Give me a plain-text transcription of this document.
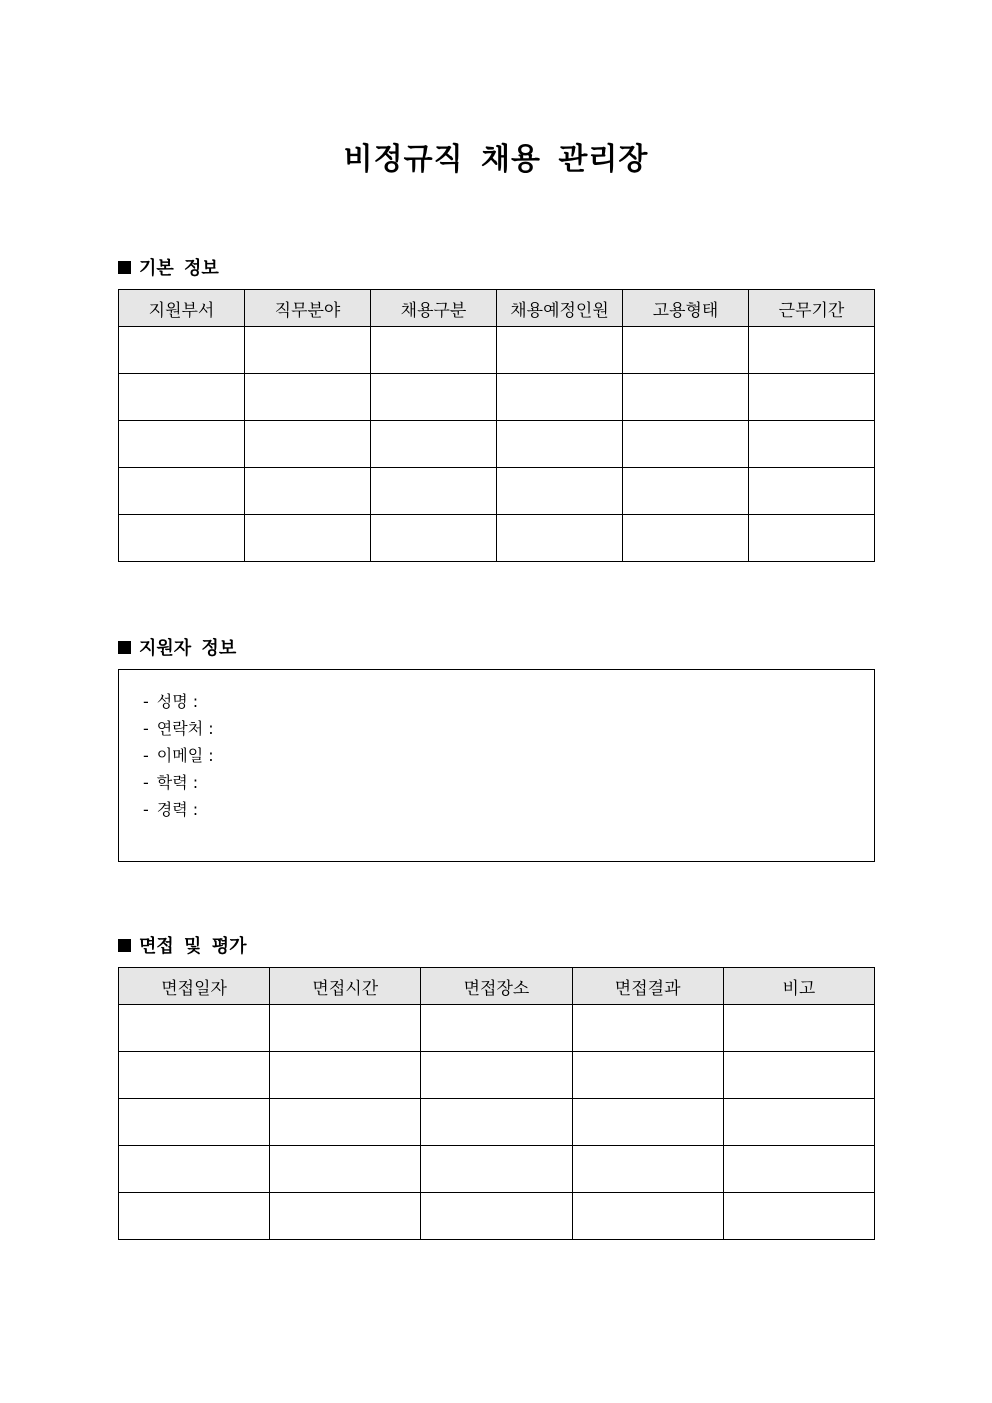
비정규직 채용 관리장
기본 정보
지원부서	직무분야	채용구분	채용예정인원	고용형태	근무기간

지원자 정보
- 성명 :
- 연락처 :
- 이메일 :
- 학력 :
- 경력 :
면접 및 평가
면접일자	면접시간	면접장소	면접결과	비고
